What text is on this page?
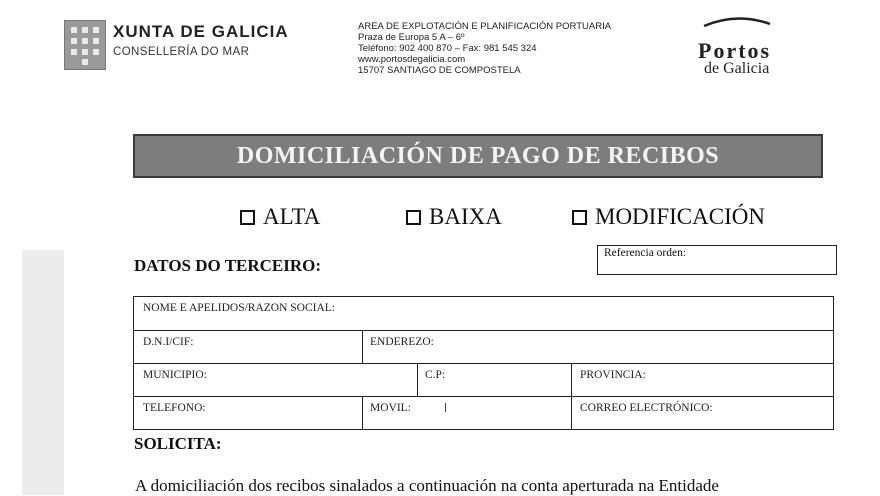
XUNTA DE GALICIA
CONSELLERÍA DO MAR
AREA DE EXPLOTACIÓN E PLANIFICACIÓN PORTUARIA
Praza de Europa 5 A – 6º
Teléfono: 902 400 870 – Fax: 981 545 324
www.portosdegalicia.com
15707 SANTIAGO DE COMPOSTELA
Portos
de Galicia
DOMICILIACIÓN DE PAGO DE RECIBOS
ALTA	BAIXA	MODIFICACIÓN
DATOS DO TERCEIRO:
Referencia orden:
NOME E APELIDOS/RAZON SOCIAL:
D.N.I/CIF:	ENDEREZO:
MUNICIPIO:	C.P:	PROVINCIA:
TELEFONO:	MOVIL:	CORREO ELECTRÓNICO:
SOLICITA:
A domiciliación dos recibos sinalados a continuación na conta aperturada na Entidade
